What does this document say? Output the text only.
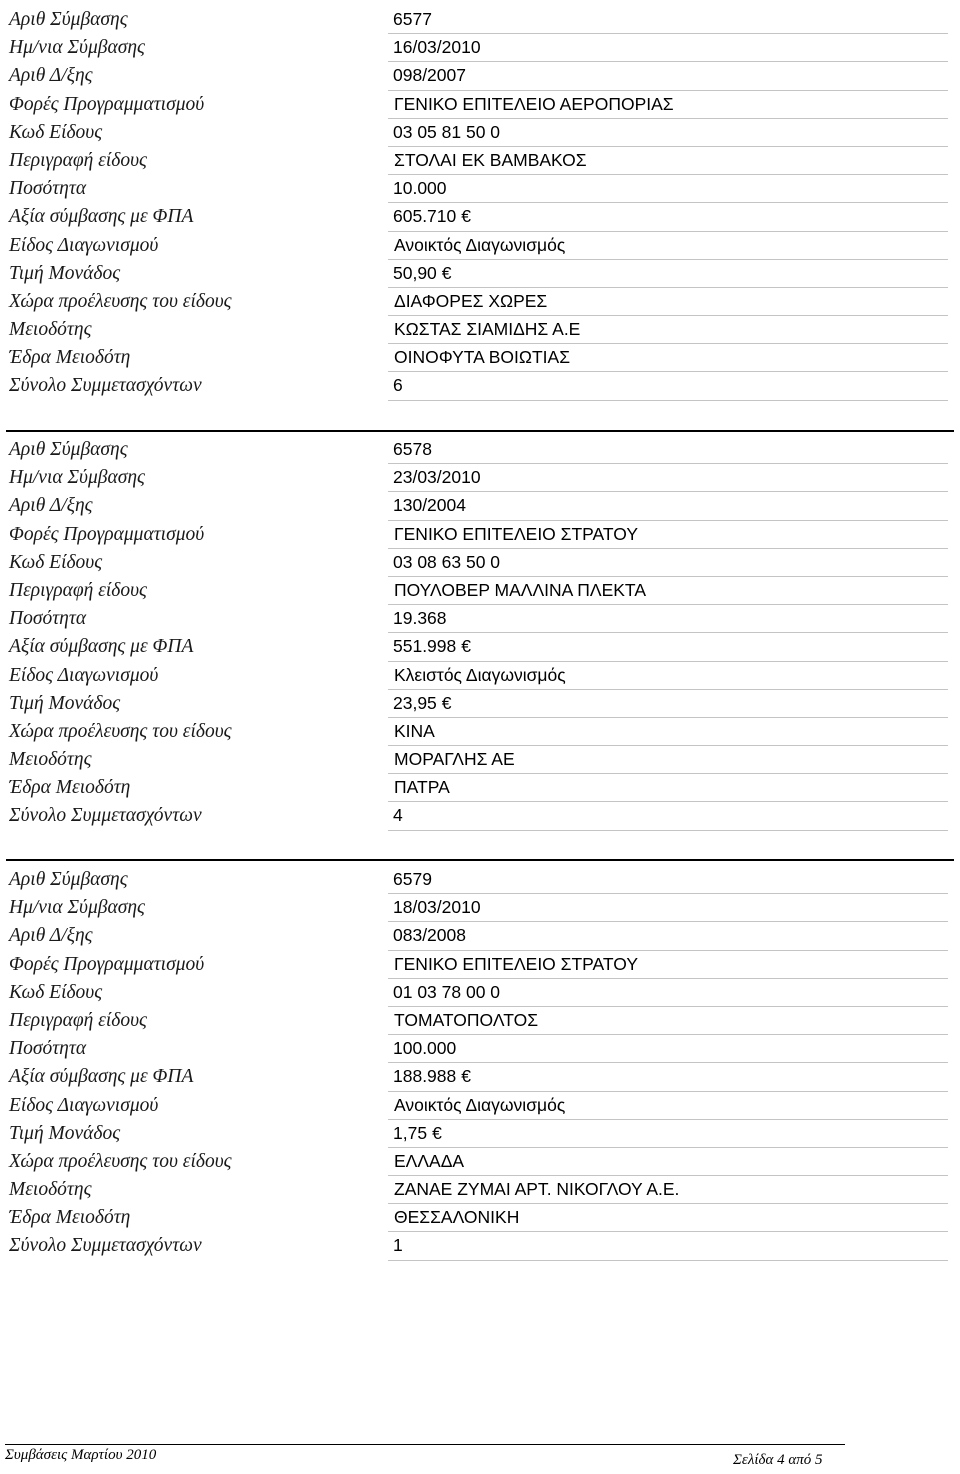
Αριθ Σύμβασης	6577
Ημ/νια Σύμβασης	16/03/2010
Αριθ Δ/ξης	098/2007
Φορές Προγραμματισμού	ΓΕΝΙΚΟ ΕΠΙΤΕΛΕΙΟ ΑΕΡΟΠΟΡΙΑΣ
Κωδ Είδους	03 05 81 50 0
Περιγραφή είδους	ΣΤΟΛΑΙ ΕΚ ΒΑΜΒΑΚΟΣ
Ποσότητα	10.000
Αξία σύμβασης με ΦΠΑ	605.710 €
Είδος Διαγωνισμού	Ανοικτός Διαγωνισμός
Τιμή Μονάδος	50,90 €
Χώρα προέλευσης του είδους	ΔΙΑΦΟΡΕΣ ΧΩΡΕΣ
Μειοδότης	ΚΩΣΤΑΣ ΣΙΑΜΙΔΗΣ Α.Ε
Έδρα Μειοδότη	ΟΙΝΟΦΥΤΑ ΒΟΙΩΤΙΑΣ
Σύνολο Συμμετασχόντων	6
Αριθ Σύμβασης	6578
Ημ/νια Σύμβασης	23/03/2010
Αριθ Δ/ξης	130/2004
Φορές Προγραμματισμού	ΓΕΝΙΚΟ ΕΠΙΤΕΛΕΙΟ ΣΤΡΑΤΟΥ
Κωδ Είδους	03 08 63 50 0
Περιγραφή είδους	ΠΟΥΛΟΒΕΡ ΜΑΛΛΙΝΑ ΠΛΕΚΤΑ
Ποσότητα	19.368
Αξία σύμβασης με ΦΠΑ	551.998 €
Είδος Διαγωνισμού	Κλειστός Διαγωνισμός
Τιμή Μονάδος	23,95 €
Χώρα προέλευσης του είδους	ΚΙΝΑ
Μειοδότης	ΜΟΡΑΓΛΗΣ ΑΕ
Έδρα Μειοδότη	ΠΑΤΡΑ
Σύνολο Συμμετασχόντων	4
Αριθ Σύμβασης	6579
Ημ/νια Σύμβασης	18/03/2010
Αριθ Δ/ξης	083/2008
Φορές Προγραμματισμού	ΓΕΝΙΚΟ ΕΠΙΤΕΛΕΙΟ ΣΤΡΑΤΟΥ
Κωδ Είδους	01 03 78 00 0
Περιγραφή είδους	ΤΟΜΑΤΟΠΟΛΤΟΣ
Ποσότητα	100.000
Αξία σύμβασης με ΦΠΑ	188.988 €
Είδος Διαγωνισμού	Ανοικτός Διαγωνισμός
Τιμή Μονάδος	1,75 €
Χώρα προέλευσης του είδους	ΕΛΛΑΔΑ
Μειοδότης	ΖΑΝΑΕ ΖΥΜΑΙ ΑΡΤ. ΝΙΚΟΓΛΟΥ Α.Ε.
Έδρα Μειοδότη	ΘΕΣΣΑΛΟΝΙΚΗ
Σύνολο Συμμετασχόντων	1
Συμβάσεις Μαρτίου 2010	Σελίδα 4 από 5
